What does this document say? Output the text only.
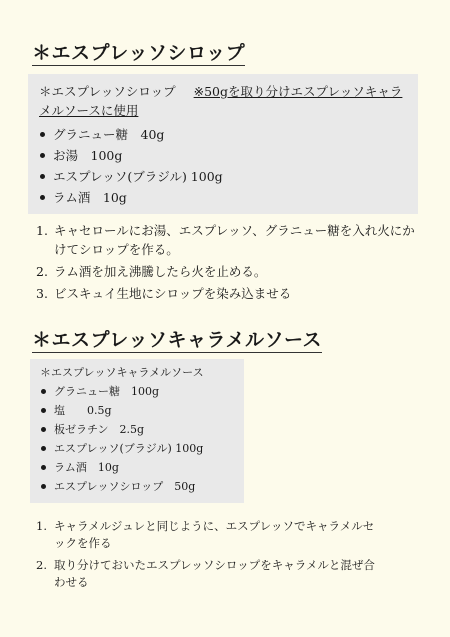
＊エスプレッソシロップ
＊エスプレッソシロップ ※50gを取り分けエスプレッソキャラメルソースに使用
グラニュー糖　40g
お湯　100g
エスプレッソ(ブラジル) 100g
ラム酒　10g
1. キャセロールにお湯、エスプレッソ、グラニュー糖を入れ火にかけてシロップを作る。
2. ラム酒を加え沸騰したら火を止める。
3. ビスキュイ生地にシロップを染み込ませる
＊エスプレッソキャラメルソース
＊エスプレッソキャラメルソース
グラニュー糖　100g
塩　　0.5g
板ゼラチン　2.5g
エスプレッソ(ブラジル) 100g
ラム酒　10g
エスプレッソシロップ　50g
1. キャラメルジュレと同じように、エスプレッソでキャラメルセックを作る
2. 取り分けておいたエスプレッソシロップをキャラメルと混ぜ合わせる
